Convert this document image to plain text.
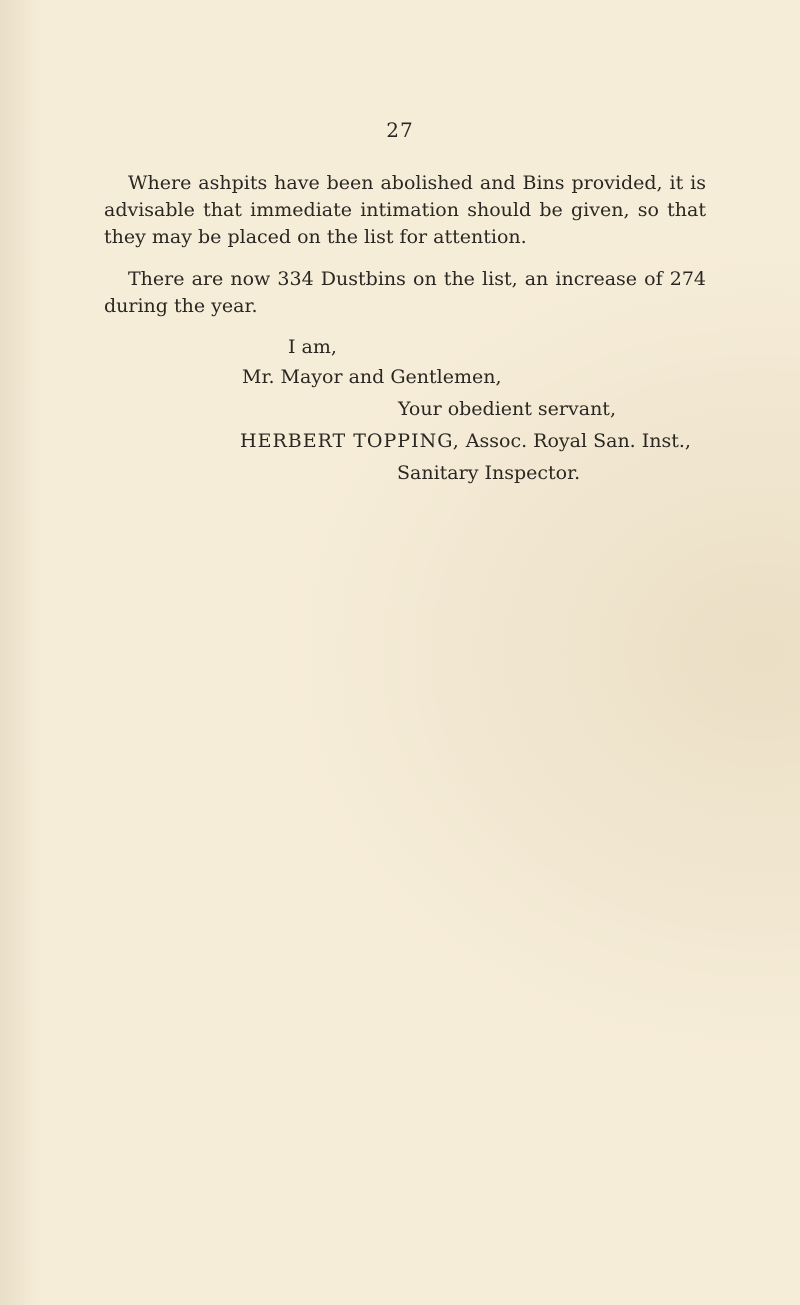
27

Where ashpits have been abolished and Bins provided, it is advisable that immediate intimation should be given, so that they may be placed on the list for attention.

There are now 334 Dustbins on the list, an increase of 274 during the year.

I am,
Mr. Mayor and Gentlemen,
Your obedient servant,
HERBERT TOPPING, Assoc. Royal San. Inst.,
Sanitary Inspector.
